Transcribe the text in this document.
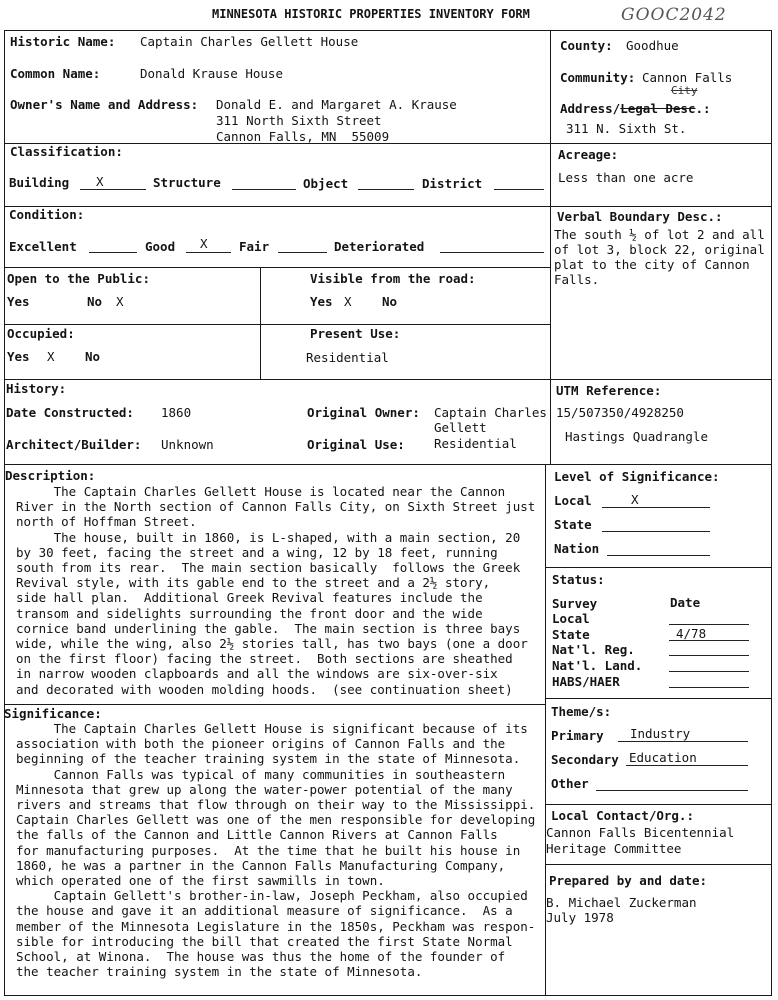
MINNESOTA HISTORIC PROPERTIES INVENTORY FORM	GOOC2042
Historic Name: Captain Charles Gellett House
Common Name:	Donald Krause House
Owner's Name and Address: Donald E. and Margaret A. Krause
311 North Sixth Street
Cannon Falls, MN  55009
County: Goodhue
Community: Cannon Falls
City
Address/Legal Desc.:
311 N. Sixth St.
Classification:
Building X	Structure	Object	District
Acreage:
Less than one acre
Condition:
Excellent	Good X	Fair	Deteriorated
Verbal Boundary Desc.:
The south ½ of lot 2 and all
of lot 3, block 22, original
plat to the city of Cannon
Falls.
Open to the Public:
Yes	No X
Visible from the road:
Yes X No
Occupied:
Yes X No
Present Use:
Residential
History:
Date Constructed: 1860
Architect/Builder: Unknown
Original Owner: Captain Charles
Gellett
Original Use: Residential
UTM Reference:
15/507350/4928250
Hastings Quadrangle
Description:
The Captain Charles Gellett House is located near the Cannon
River in the North section of Cannon Falls City, on Sixth Street just
north of Hoffman Street.
The house, built in 1860, is L-shaped, with a main section, 20
by 30 feet, facing the street and a wing, 12 by 18 feet, running
south from its rear.  The main section basically  follows the Greek
Revival style, with its gable end to the street and a 2½ story,
side hall plan.  Additional Greek Revival features include the
transom and sidelights surrounding the front door and the wide
cornice band underlining the gable.  The main section is three bays
wide, while the wing, also 2½ stories tall, has two bays (one a door
on the first floor) facing the street.  Both sections are sheathed
in narrow wooden clapboards and all the windows are six-over-six
and decorated with wooden molding hoods.  (see continuation sheet)
Level of Significance:
Local	X
State
Nation
Status:
Date
Survey
Local
State	4/78
Nat'l. Reg.
Nat'l. Land.
HABS/HAER
Significance:
The Captain Charles Gellett House is significant because of its
association with both the pioneer origins of Cannon Falls and the
beginning of the teacher training system in the state of Minnesota.
Cannon Falls was typical of many communities in southeastern
Minnesota that grew up along the water-power potential of the many
rivers and streams that flow through on their way to the Mississippi.
Captain Charles Gellett was one of the men responsible for developing
the falls of the Cannon and Little Cannon Rivers at Cannon Falls
for manufacturing purposes.  At the time that he built his house in
1860, he was a partner in the Cannon Falls Manufacturing Company,
which operated one of the first sawmills in town.
Captain Gellett's brother-in-law, Joseph Peckham, also occupied
the house and gave it an additional measure of significance.  As a
member of the Minnesota Legislature in the 1850s, Peckham was respon-
sible for introducing the bill that created the first State Normal
School, at Winona.  The house was thus the home of the founder of
the teacher training system in the state of Minnesota.
Theme/s:
Primary Industry
Secondary Education
Other
Local Contact/Org.:
Cannon Falls Bicentennial
Heritage Committee
Prepared by and date:
B. Michael Zuckerman
July 1978
